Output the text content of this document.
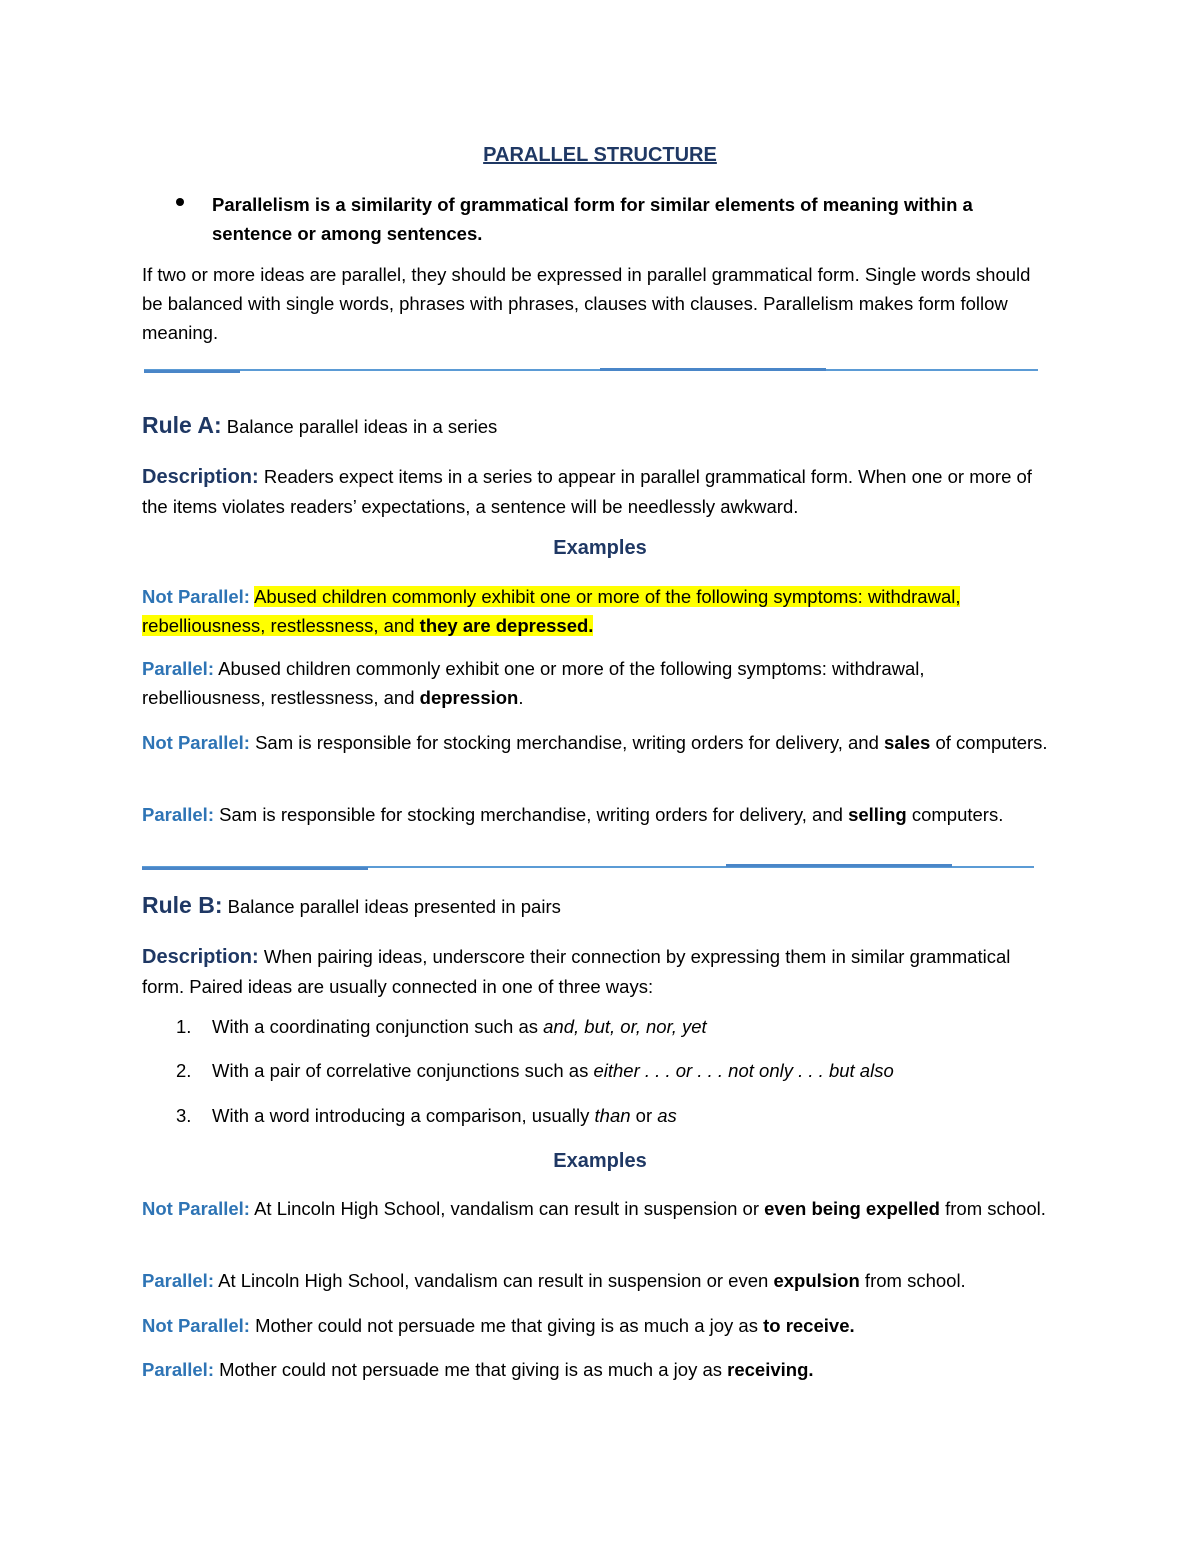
PARALLEL STRUCTURE
Parallelism is a similarity of grammatical form for similar elements of meaning within a sentence or among sentences.
If two or more ideas are parallel, they should be expressed in parallel grammatical form. Single words should be balanced with single words, phrases with phrases, clauses with clauses. Parallelism makes form follow meaning.
Rule A: Balance parallel ideas in a series
Description: Readers expect items in a series to appear in parallel grammatical form. When one or more of the items violates readers’ expectations, a sentence will be needlessly awkward.
Examples
Not Parallel: Abused children commonly exhibit one or more of the following symptoms: withdrawal, rebelliousness, restlessness, and they are depressed.
Parallel: Abused children commonly exhibit one or more of the following symptoms: withdrawal, rebelliousness, restlessness, and depression.
Not Parallel: Sam is responsible for stocking merchandise, writing orders for delivery, and sales of computers.
Parallel: Sam is responsible for stocking merchandise, writing orders for delivery, and selling computers.
Rule B: Balance parallel ideas presented in pairs
Description: When pairing ideas, underscore their connection by expressing them in similar grammatical form. Paired ideas are usually connected in one of three ways:
1. With a coordinating conjunction such as and, but, or, nor, yet
2. With a pair of correlative conjunctions such as either . . . or . . . not only . . . but also
3. With a word introducing a comparison, usually than or as
Examples
Not Parallel: At Lincoln High School, vandalism can result in suspension or even being expelled from school.
Parallel: At Lincoln High School, vandalism can result in suspension or even expulsion from school.
Not Parallel: Mother could not persuade me that giving is as much a joy as to receive.
Parallel: Mother could not persuade me that giving is as much a joy as receiving.
